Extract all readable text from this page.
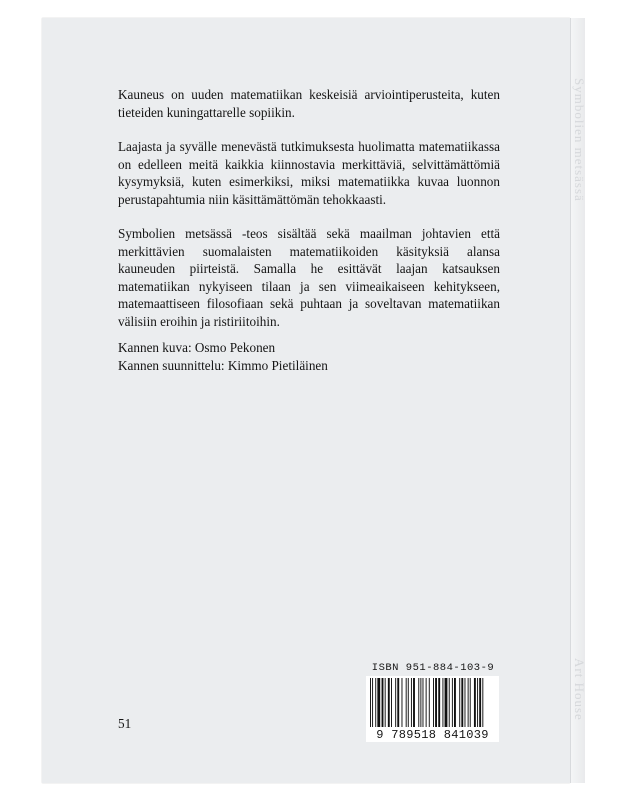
Symbolien metsässä
Art House

Kauneus on uuden matematiikan keskeisiä arviointiperusteita, kuten tieteiden kuningattarelle sopiikin.

Laajasta ja syvälle menevästä tutkimuksesta huolimatta matematiikassa on edelleen meitä kaikkia kiinnostavia merkittäviä, selvittämättömiä kysymyksiä, kuten esimerkiksi, miksi matematiikka kuvaa luonnon perustapahtumia niin käsittämättömän tehokkaasti.

Symbolien metsässä -teos sisältää sekä maailman johtavien että merkittävien suomalaisten matematiikoiden käsityksiä alansa kauneuden piirteistä. Samalla he esittävät laajan katsauksen matematiikan nykyiseen tilaan ja sen viimeaikaiseen kehitykseen, matemaattiseen filosofiaan sekä puhtaan ja soveltavan matematiikan välisiin eroihin ja ristiriitoihin.

Kannen kuva: Osmo Pekonen
Kannen suunnittelu: Kimmo Pietiläinen
51
ISBN 951-884-103-9
9 789518 841039
